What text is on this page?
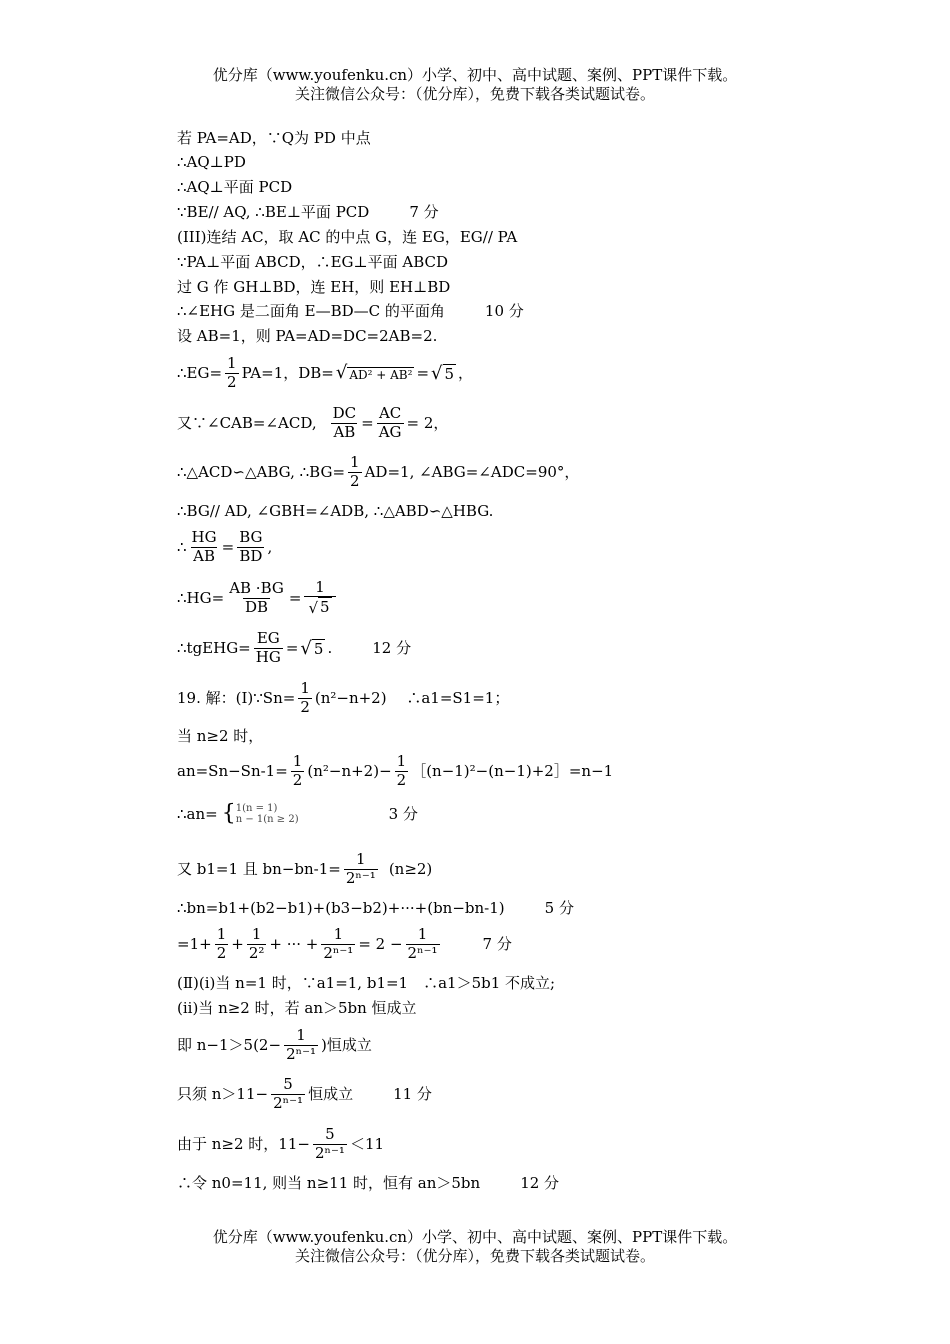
优分库（www.youfenku.cn）小学、初中、高中试题、案例、PPT课件下载。
关注微信公众号：（优分库），免费下载各类试题试卷。
若 PA=AD，∵Q为 PD 中点
∴AQ⊥PD
∴AQ⊥平面 PCD
∵BE// AQ, ∴BE⊥平面 PCD	7 分
(III)连结 AC，取 AC 的中点 G，连 EG，EG// PA
∵PA⊥平面 ABCD，∴EG⊥平面 ABCD
过 G 作 GH⊥BD，连 EH，则 EH⊥BD
∴∠EHG 是二面角 E—BD—C 的平面角	10 分
设 AB=1，则 PA=AD=DC=2AB=2.
∴EG= $\frac{1}{2} PA=1$，DB= √ AD² + AB² = √ 5 ，
又∵∠CAB=∠ACD, $\frac{DC}{AB} = \frac{AC}{AG} = 2$，
∴△ACD∽△ABG, ∴BG= $\frac{1}{2} AD=1$, ∠ABG=∠ADC=90°，
∴BG// AD, ∠GBH=∠ADB, ∴△ABD∽△HBG.
∴ $\frac{HG}{AB} = \frac{BG}{BD}$ ,
∴HG= $\frac{AB \cdot BG}{DB} = \frac{1}{√ 5}$
∴tgEHG= $\frac{EG}{HG}$ = √ 5 .	12 分
19. 解：(Ⅰ)∵Sn= $\frac{1}{2} (n^2-n+2)$　 ∴a1=S1=1；
当 n≥2 时，
$an=Sn-Sn-1= \frac{1}{2} (n^2-n+2)- \frac{1}{2}$ ［(n−1)²−(n−1)+2］=n−1
∴an= { 1(n = 1)
n − 1(n ≥ 2)	3 分
又 b1=1 且 $bn-bn-1= \frac{1}{\text{2ⁿ⁻¹}} (n\ge 2)$
∴bn=b1+(b2−b1)+(b3−b2)+···+(bn−bn-1)	5 分
$=1+ \frac{1}{2} + \frac{1}{\text{2²}}$ + ··· + $\frac{1}{\text{2ⁿ⁻¹}} = 2 - \frac{1}{\text{2ⁿ⁻¹}}$	7 分
(Ⅱ)(i)当 n=1 时，∵a1=1, b1=1　∴a1＞5b1 不成立;
(ii)当 n≥2 时，若 an＞5bn 恒成立
即 $n-1>5(2- \frac{1}{\text{2ⁿ⁻¹}}$ )恒成立
只须 $n>11- \frac{5}{\text{2ⁿ⁻¹}}$ 恒成立	11 分
由于 n≥2 时，$11- \frac{5}{\text{2ⁿ⁻¹}} <11$
∴令 n0=11, 则当 n≥11 时，恒有 an＞5bn	12 分
优分库（www.youfenku.cn）小学、初中、高中试题、案例、PPT课件下载。
关注微信公众号：（优分库），免费下载各类试题试卷。
